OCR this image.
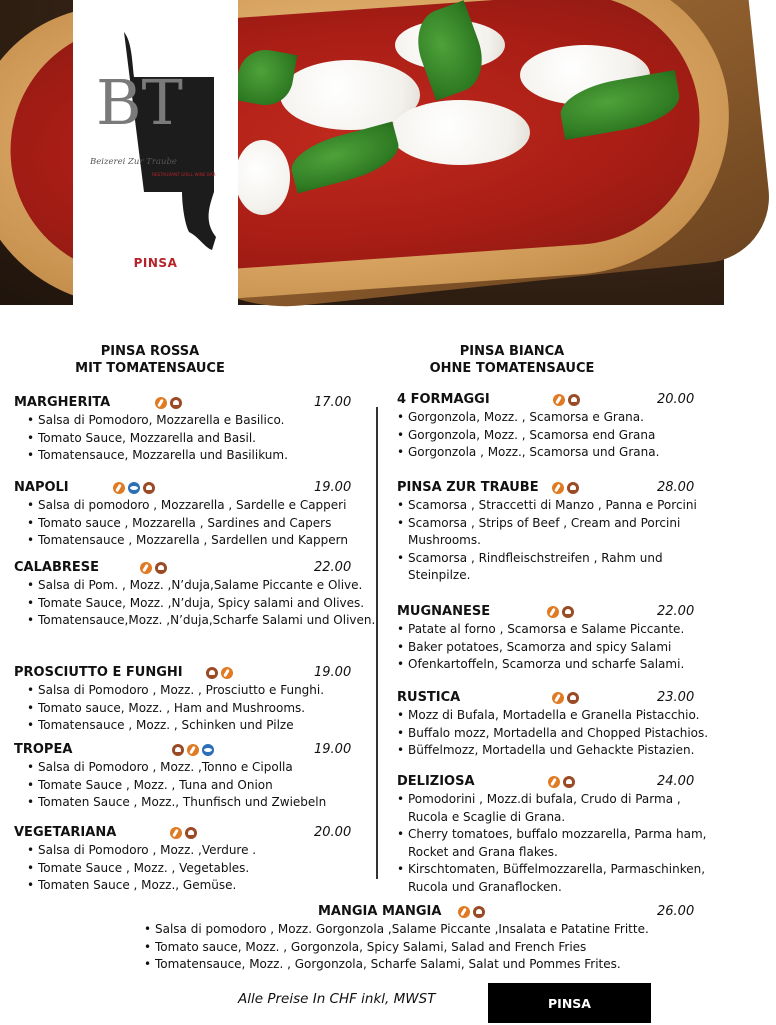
BT
Beizerei Zur Traube
RESTAURANT GRILL WINE BAR
PINSA
PINSA ROSSA
MIT TOMATENSAUCE
PINSA BIANCA
OHNE TOMATENSAUCE
MARGHERITA	17.00
• Salsa di Pomodoro, Mozzarella e Basilico.
• Tomato Sauce, Mozzarella and Basil.
• Tomatensauce, Mozzarella und Basilikum.
NAPOLI	19.00
• Salsa di pomodoro , Mozzarella , Sardelle e Capperi
• Tomato sauce , Mozzarella , Sardines and Capers
• Tomatensauce , Mozzarella , Sardellen und Kappern
CALABRESE	22.00
• Salsa di Pom. , Mozz. ,N’duja,Salame Piccante e Olive.
• Tomate Sauce, Mozz. ,N’duja, Spicy salami and Olives.
• Tomatensauce,Mozz. ,N’duja,Scharfe Salami und Oliven.
PROSCIUTTO E FUNGHI	19.00
• Salsa di Pomodoro , Mozz. , Prosciutto e Funghi.
• Tomato sauce, Mozz. , Ham and Mushrooms.
• Tomatensauce , Mozz. , Schinken und Pilze
TROPEA	19.00
• Salsa di Pomodoro , Mozz. ,Tonno e Cipolla
• Tomate Sauce , Mozz. , Tuna and Onion
• Tomaten Sauce , Mozz., Thunfisch und Zwiebeln
VEGETARIANA	20.00
• Salsa di Pomodoro , Mozz. ,Verdure .
• Tomate Sauce , Mozz. , Vegetables.
• Tomaten Sauce , Mozz., Gemüse.
4 FORMAGGI	20.00
• Gorgonzola, Mozz. , Scamorsa e Grana.
• Gorgonzola, Mozz. , Scamorsa end Grana
• Gorgonzola , Mozz., Scamorsa und Grana.
PINSA ZUR TRAUBE	28.00
• Scamorsa , Straccetti di Manzo , Panna e Porcini
• Scamorsa , Strips of Beef , Cream and Porcini Mushrooms.
• Scamorsa , Rindfleischstreifen , Rahm und Steinpilze.
MUGNANESE	22.00
• Patate al forno , Scamorsa e Salame Piccante.
• Baker potatoes, Scamorza and spicy Salami
• Ofenkartoffeln, Scamorza und scharfe Salami.
RUSTICA	23.00
• Mozz di Bufala, Mortadella e Granella Pistacchio.
• Buffalo mozz, Mortadella and Chopped Pistachios.
• Büffelmozz, Mortadella und Gehackte Pistazien.
DELIZIOSA	24.00
• Pomodorini , Mozz.di bufala, Crudo di Parma , Rucola e Scaglie di Grana.
• Cherry tomatoes, buffalo mozzarella, Parma ham, Rocket and Grana flakes.
• Kirschtomaten, Büffelmozzarella, Parmaschinken, Rucola und Granaflocken.
MANGIA MANGIA	26.00
• Salsa di pomodoro , Mozz. Gorgonzola ,Salame Piccante ,Insalata e Patatine Fritte.
• Tomato sauce, Mozz. , Gorgonzola, Spicy Salami, Salad and French Fries
• Tomatensauce, Mozz. , Gorgonzola, Scharfe Salami, Salat und Pommes Frites.
Alle Preise In CHF inkl, MWST	PINSA
